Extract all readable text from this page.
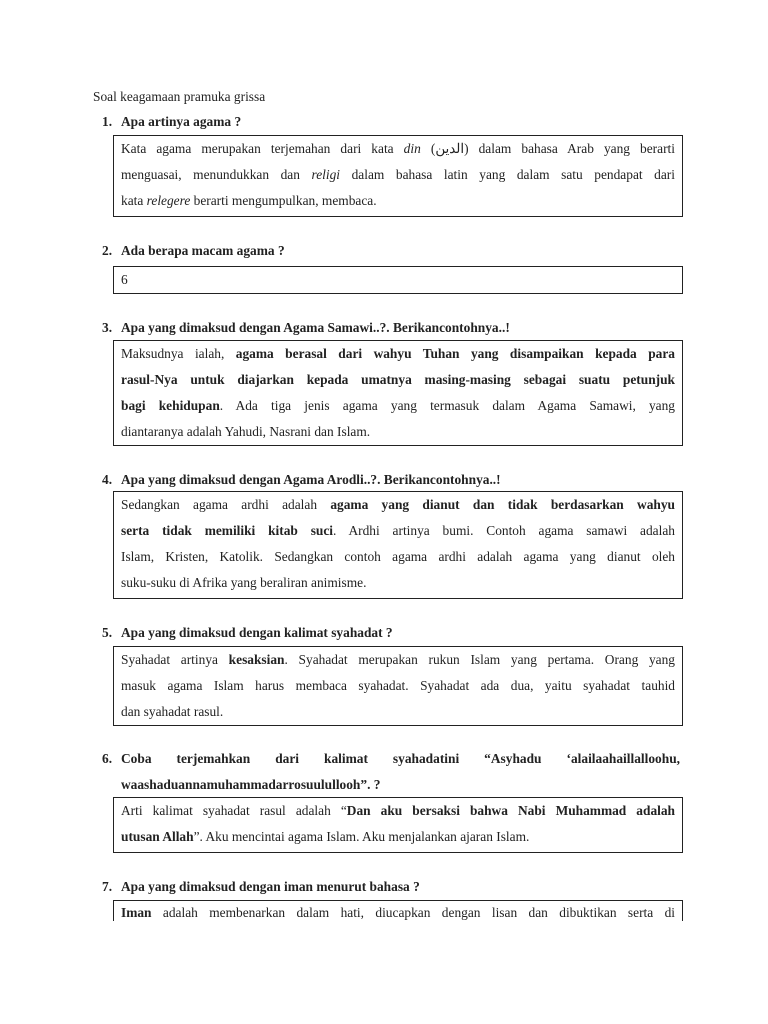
Soal keagamaan pramuka grissa
1. Apa artinya agama ?
Kata agama merupakan terjemahan dari kata din (الدين) dalam bahasa Arab yang berarti
menguasai, menundukkan dan religi dalam bahasa latin yang dalam satu pendapat dari
kata relegere berarti mengumpulkan, membaca.
2. Ada berapa macam agama ?
6
3. Apa yang dimaksud dengan Agama Samawi..?. Berikancontohnya..!
Maksudnya ialah, agama berasal dari wahyu Tuhan yang disampaikan kepada para
rasul-Nya untuk diajarkan kepada umatnya masing-masing sebagai suatu petunjuk
bagi kehidupan. Ada tiga jenis agama yang termasuk dalam Agama Samawi, yang
diantaranya adalah Yahudi, Nasrani dan Islam.
4. Apa yang dimaksud dengan Agama Arodli..?. Berikancontohnya..!
Sedangkan agama ardhi adalah agama yang dianut dan tidak berdasarkan wahyu
serta tidak memiliki kitab suci. Ardhi artinya bumi. Contoh agama samawi adalah
Islam, Kristen, Katolik. Sedangkan contoh agama ardhi adalah agama yang dianut oleh
suku-suku di Afrika yang beraliran animisme.
5. Apa yang dimaksud dengan kalimat syahadat ?
Syahadat artinya kesaksian. Syahadat merupakan rukun Islam yang pertama. Orang yang
masuk agama Islam harus membaca syahadat. Syahadat ada dua, yaitu syahadat tauhid
dan syahadat rasul.
6. Coba terjemahkan dari kalimat syahadatini “Asyhadu ‘alailaahaillalloohu,
waashaduannamuhammadarrosuulullooh”. ?
Arti kalimat syahadat rasul adalah “Dan aku bersaksi bahwa Nabi Muhammad adalah
utusan Allah”. Aku mencintai agama Islam. Aku menjalankan ajaran Islam.
7. Apa yang dimaksud dengan iman menurut bahasa ?
Iman adalah membenarkan dalam hati, diucapkan dengan lisan dan dibuktikan serta di
